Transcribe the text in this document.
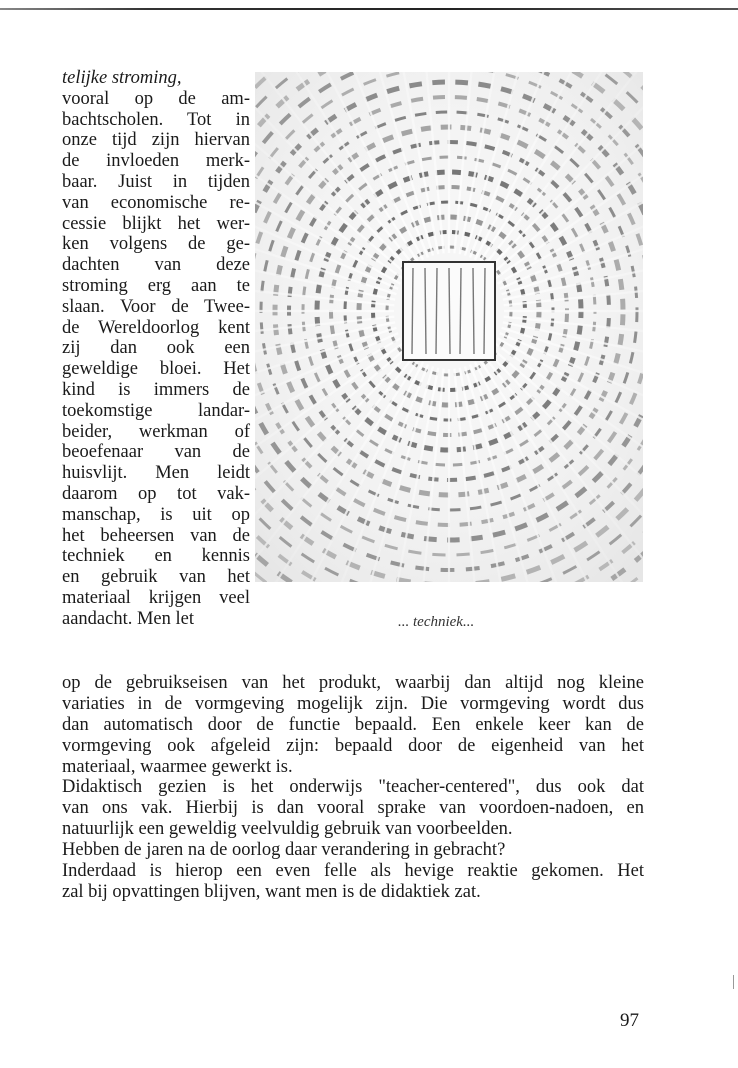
telijke stroming,
vooral op de am-
bachtscholen. Tot in
onze tijd zijn hiervan
de invloeden merk-
baar. Juist in tijden
van economische re-
cessie blijkt het wer-
ken volgens de ge-
dachten van deze
stroming erg aan te
slaan. Voor de Twee-
de Wereldoorlog kent
zij dan ook een
geweldige bloei. Het
kind is immers de
toekomstige landar-
beider, werkman of
beoefenaar van de
huisvlijt. Men leidt
daarom op tot vak-
manschap, is uit op
het beheersen van de
techniek en kennis
en gebruik van het
materiaal krijgen veel
aandacht. Men let	... techniek...
op de gebruikseisen van het produkt, waarbij dan altijd nog kleine
variaties in de vormgeving mogelijk zijn. Die vormgeving wordt dus
dan automatisch door de functie bepaald. Een enkele keer kan de
vormgeving ook afgeleid zijn: bepaald door de eigenheid van het
materiaal, waarmee gewerkt is.
Didaktisch gezien is het onderwijs "teacher-centered", dus ook dat
van ons vak. Hierbij is dan vooral sprake van voordoen-nadoen, en
natuurlijk een geweldig veelvuldig gebruik van voorbeelden.
Hebben de jaren na de oorlog daar verandering in gebracht?
Inderdaad is hierop een even felle als hevige reaktie gekomen. Het
zal bij opvattingen blijven, want men is de didaktiek zat.
97
